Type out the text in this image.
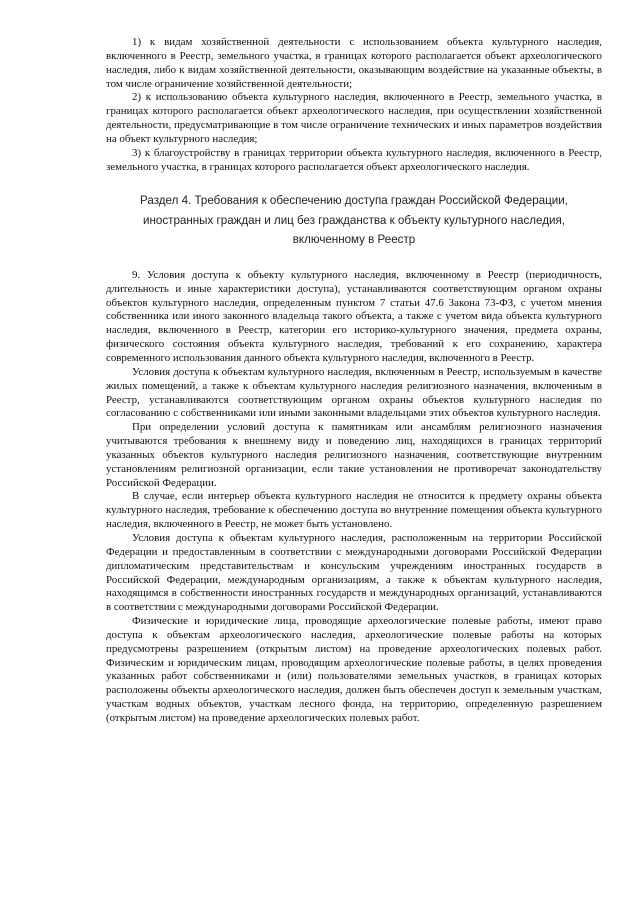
1) к видам хозяйственной деятельности с использованием объекта культурного наследия, включенного в Реестр, земельного участка, в границах которого располагается объект археологического наследия, либо к видам хозяйственной деятельности, оказывающим воздействие на указанные объекты, в том числе ограничение хозяйственной деятельности;

2) к использованию объекта культурного наследия, включенного в Реестр, земельного участка, в границах которого располагается объект археологического наследия, при осуществлении хозяйственной деятельности, предусматривающие в том числе ограничение технических и иных параметров воздействия на объект культурного наследия;

3) к благоустройству в границах территории объекта культурного наследия, включенного в Реестр, земельного участка, в границах которого располагается объект археологического наследия.

Раздел 4. Требования к обеспечению доступа граждан Российской Федерации,
иностранных граждан и лиц без гражданства к объекту культурного наследия,
включенному в Реестр

9. Условия доступа к объекту культурного наследия, включенному в Реестр (периодичность, длительность и иные характеристики доступа), устанавливаются соответствующим органом охраны объектов культурного наследия, определенным пунктом 7 статьи 47.6 Закона 73-ФЗ, с учетом мнения собственника или иного законного владельца такого объекта, а также с учетом вида объекта культурного наследия, включенного в Реестр, категории его историко-культурного значения, предмета охраны, физического состояния объекта культурного наследия, требований к его сохранению, характера современного использования данного объекта культурного наследия, включенного в Реестр.

Условия доступа к объектам культурного наследия, включенным в Реестр, используемым в качестве жилых помещений, а также к объектам культурного наследия религиозного назначения, включенным в Реестр, устанавливаются соответствующим органом охраны объектов культурного наследия по согласованию с собственниками или иными законными владельцами этих объектов культурного наследия.

При определении условий доступа к памятникам или ансамблям религиозного назначения учитываются требования к внешнему виду и поведению лиц, находящихся в границах территорий указанных объектов культурного наследия религиозного назначения, соответствующие внутренним установлениям религиозной организации, если такие установления не противоречат законодательству Российской Федерации.

В случае, если интерьер объекта культурного наследия не относится к предмету охраны объекта культурного наследия, требование к обеспечению доступа во внутренние помещения объекта культурного наследия, включенного в Реестр, не может быть установлено.

Условия доступа к объектам культурного наследия, расположенным на территории Российской Федерации и предоставленным в соответствии с международными договорами Российской Федерации дипломатическим представительствам и консульским учреждениям иностранных государств в Российской Федерации, международным организациям, а также к объектам культурного наследия, находящимся в собственности иностранных государств и международных организаций, устанавливаются в соответствии с международными договорами Российской Федерации.

Физические и юридические лица, проводящие археологические полевые работы, имеют право доступа к объектам археологического наследия, археологические полевые работы на которых предусмотрены разрешением (открытым листом) на проведение археологических полевых работ. Физическим и юридическим лицам, проводящим археологические полевые работы, в целях проведения указанных работ собственниками и (или) пользователями земельных участков, в границах которых расположены объекты археологического наследия, должен быть обеспечен доступ к земельным участкам, участкам водных объектов, участкам лесного фонда, на территорию, определенную разрешением (открытым листом) на проведение археологических полевых работ.
